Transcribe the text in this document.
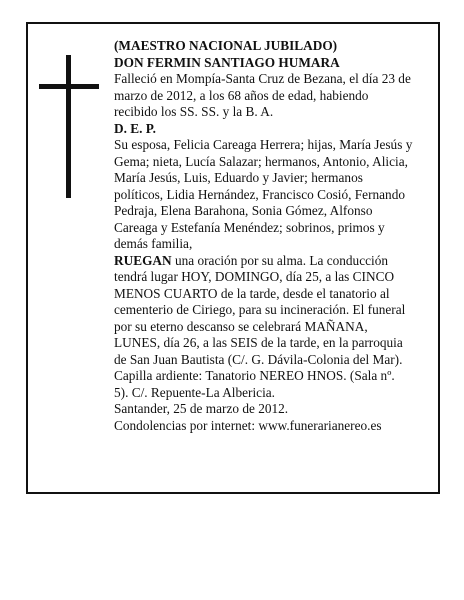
(MAESTRO NACIONAL JUBILADO)
DON FERMIN SANTIAGO HUMARA
Falleció en Mompía-Santa Cruz de Bezana, el día 23 de
marzo de 2012, a los 68 años de edad, habiendo
recibido los SS. SS. y la B. A.
D. E. P.
Su esposa, Felicia Careaga Herrera; hijas, María Jesús y
Gema; nieta, Lucía Salazar; hermanos, Antonio, Alicia,
María Jesús, Luis, Eduardo y Javier; hermanos
políticos, Lidia Hernández, Francisco Cosió, Fernando
Pedraja, Elena Barahona, Sonia Gómez, Alfonso
Careaga y Estefanía Menéndez; sobrinos, primos y
demás familia,
RUEGAN una oración por su alma. La conducción
tendrá lugar HOY, DOMINGO, día 25, a las CINCO
MENOS CUARTO de la tarde, desde el tanatorio al
cementerio de Ciriego, para su incineración. El funeral
por su eterno descanso se celebrará MAÑANA,
LUNES, día 26, a las SEIS de la tarde, en la parroquia
de San Juan Bautista (C/. G. Dávila-Colonia del Mar).
Capilla ardiente: Tanatorio NEREO HNOS. (Sala nº.
5). C/. Repuente-La Albericia.
Santander, 25 de marzo de 2012.
Condolencias por internet: www.funerarianereo.es
